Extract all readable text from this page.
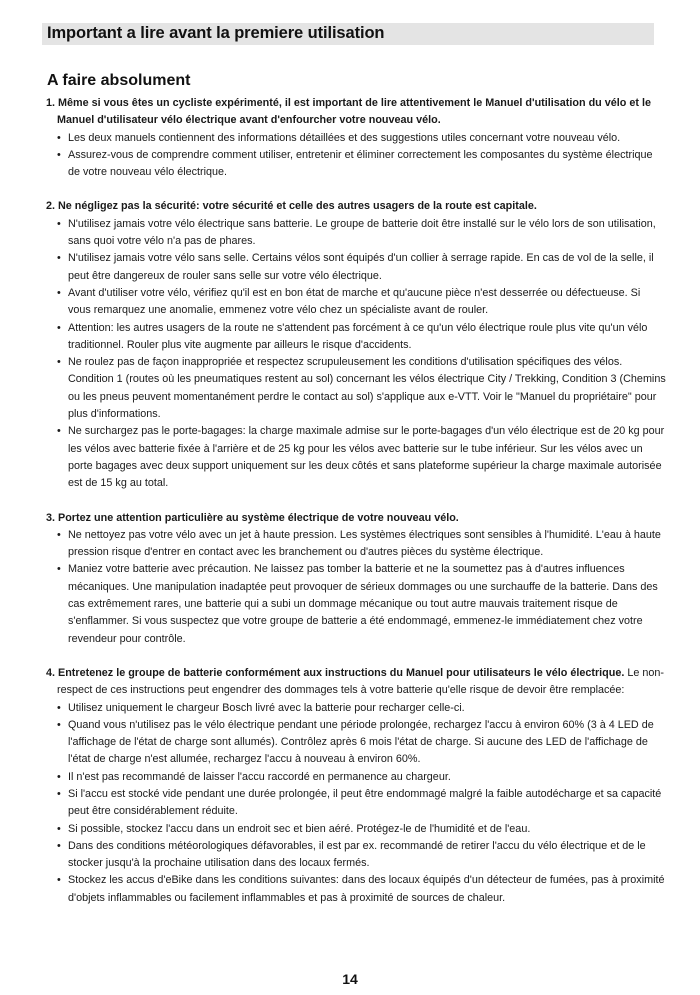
Important a lire avant la premiere utilisation
A faire absolument
1. Même si vous êtes un cycliste expérimenté, il est important de lire attentivement le Manuel d'utilisation du vélo et le Manuel d'utilisateur vélo électrique avant d'enfourcher votre nouveau vélo.
• Les deux manuels contiennent des informations détaillées et des suggestions utiles concernant votre nouveau vélo.
• Assurez-vous de comprendre comment utiliser, entretenir et éliminer correctement les composantes du système électrique de votre nouveau vélo électrique.
2. Ne négligez pas la sécurité: votre sécurité et celle des autres usagers de la route est capitale.
• N'utilisez jamais votre vélo électrique sans batterie. Le groupe de batterie doit être installé sur le vélo lors de son utilisation, sans quoi votre vélo n'a pas de phares.
• N'utilisez jamais votre vélo sans selle. Certains vélos sont équipés d'un collier à serrage rapide. En cas de vol de la selle, il peut être dangereux de rouler sans selle sur votre vélo électrique.
• Avant d'utiliser votre vélo, vérifiez qu'il est en bon état de marche et qu'aucune pièce n'est desserrée ou défectueuse. Si vous remarquez une anomalie, emmenez votre vélo chez un spécialiste avant de rouler.
• Attention: les autres usagers de la route ne s'attendent pas forcément à ce qu'un vélo électrique roule plus vite qu'un vélo traditionnel. Rouler plus vite augmente par ailleurs le risque d'accidents.
• Ne roulez pas de façon inappropriée et respectez scrupuleusement les conditions d'utilisation spécifiques des vélos. Condition 1 (routes où les pneumatiques restent au sol) concernant les vélos électrique City / Trekking, Condition 3 (Chemins ou les pneus peuvent momentanément perdre le contact au sol) s'applique aux e-VTT. Voir le "Manuel du propriétaire" pour plus d'informations.
• Ne surchargez pas le porte-bagages: la charge maximale admise sur le porte-bagages d'un vélo électrique est de 20 kg pour les vélos avec batterie fixée à l'arrière et de 25 kg pour les vélos avec batterie sur le tube inférieur. Sur les vélos avec un porte bagages avec deux support uniquement sur les deux côtés et sans plateforme supérieur la charge maximale autorisée est de 15 kg au total.
3. Portez une attention particulière au système électrique de votre nouveau vélo.
• Ne nettoyez pas votre vélo avec un jet à haute pression. Les systèmes électriques sont sensibles à l'humidité. L'eau à haute pression risque d'entrer en contact avec les branchement ou d'autres pièces du système électrique.
• Maniez votre batterie avec précaution. Ne laissez pas tomber la batterie et ne la soumettez pas à d'autres influences mécaniques. Une manipulation inadaptée peut provoquer de sérieux dommages ou une surchauffe de la batterie. Dans des cas extrêmement rares, une batterie qui a subi un dommage mécanique ou tout autre mauvais traitement risque de s'enflammer. Si vous suspectez que votre groupe de batterie a été endommagé, emmenez-le immédiatement chez votre revendeur pour contrôle.
4. Entretenez le groupe de batterie conformément aux instructions du Manuel pour utilisateurs le vélo électrique. Le non-respect de ces instructions peut engendrer des dommages tels à votre batterie qu'elle risque de devoir être remplacée:
• Utilisez uniquement le chargeur Bosch livré avec la batterie pour recharger celle-ci.
• Quand vous n'utilisez pas le vélo électrique pendant une période prolongée, rechargez l'accu à environ 60% (3 à 4 LED de l'affichage de l'état de charge sont allumés). Contrôlez après 6 mois l'état de charge. Si aucune des LED de l'affichage de l'état de charge n'est allumée, rechargez l'accu à nouveau à environ 60%.
• Il n'est pas recommandé de laisser l'accu raccordé en permanence au chargeur.
• Si l'accu est stocké vide pendant une durée prolongée, il peut être endommagé malgré la faible autodécharge et sa capacité peut être considérablement réduite.
• Si possible, stockez l'accu dans un endroit sec et bien aéré. Protégez-le de l'humidité et de l'eau.
• Dans des conditions météorologiques défavorables, il est par ex. recommandé de retirer l'accu du vélo électrique et de le stocker jusqu'à la prochaine utilisation dans des locaux fermés.
• Stockez les accus d'eBike dans les conditions suivantes: dans des locaux équipés d'un détecteur de fumées, pas à proximité d'objets inflammables ou facilement inflammables et pas à proximité de sources de chaleur.
14
